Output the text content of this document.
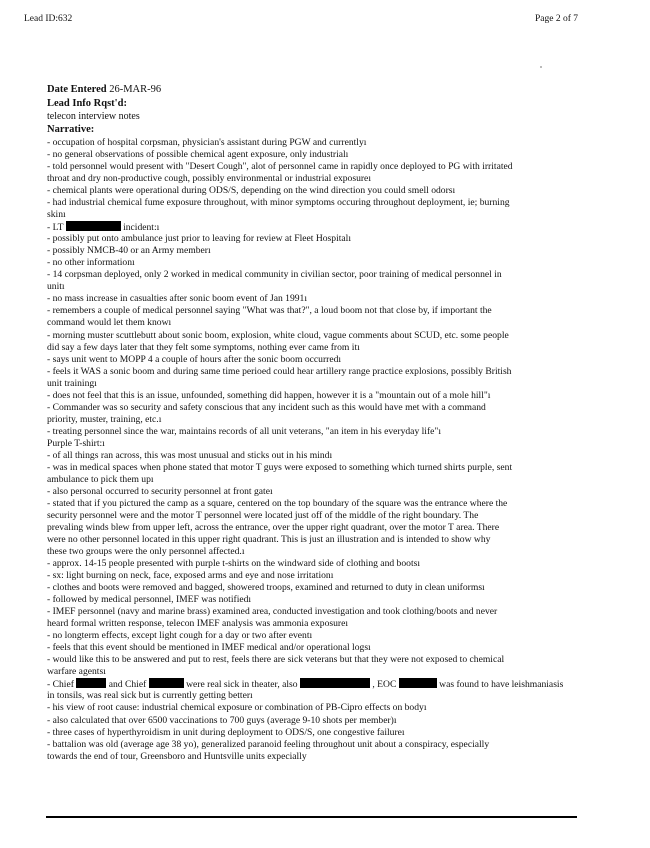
Lead ID:632	Page 2 of 7
Date Entered 26-MAR-96
Lead Info Rqst'd:
telecon interview notes
Narrative:
- occupation of hospital corpsman, physician's assistant during PGW and currentlyı
- no general observations of possible chemical agent exposure, only industrialı
- told personnel would present with "Desert Cough", alot of personnel came in rapidly once deployed to PG with irritated
throat and dry non-productive cough, possibly environmental or industrial exposureı
- chemical plants were operational during ODS/S, depending on the wind direction you could smell odorsı
- had industrial chemical fume exposure throughout, with minor symptoms occuring throughout deployment, ie; burning
skinı
- LT	incident:ı
- possibly put onto ambulance just prior to leaving for review at Fleet Hospitalı
- possibly NMCB-40 or an Army memberı
- no other informationı
- 14 corpsman deployed, only 2 worked in medical community in civilian sector, poor training of medical personnel in
unitı
- no mass increase in casualties after sonic boom event of Jan 1991ı
- remembers a couple of medical personnel saying "What was that?", a loud boom not that close by, if important the
command would let them knowı
- morning muster scuttlebutt about sonic boom, explosion, white cloud, vague comments about SCUD, etc. some people
did say a few days later that they felt some symptoms, nothing ever came from itı
- says unit went to MOPP 4 a couple of hours after the sonic boom occurredı
- feels it WAS a sonic boom and during same time perioed could hear artillery range practice explosions, possibly British
unit trainingı
- does not feel that this is an issue, unfounded, something did happen, however it is a "mountain out of a mole hill"ı
- Commander was so security and safety conscious that any incident such as this would have met with a command
priority, muster, training, etc.ı
- treating personnel since the war, maintains records of all unit veterans, "an item in his everyday life"ı
Purple T-shirt:ı
- of all things ran across, this was most unusual and sticks out in his mindı
- was in medical spaces when phone stated that motor T guys were exposed to something which turned shirts purple, sent
ambulance to pick them upı
- also personal occurred to security personnel at front gateı
- stated that if you pictured the camp as a square, centered on the top boundary of the square was the entrance where the
security personnel were and the motor T personnel were located just off of the middle of the right boundary. The
prevaling winds blew from upper left, across the entrance, over the upper right quadrant, over the motor T area. There
were no other personnel located in this upper right quadrant. This is just an illustration and is intended to show why
these two groups were the only personnel affected.ı
- approx. 14-15 people presented with purple t-shirts on the windward side of clothing and bootsı
- sx: light burning on neck, face, exposed arms and eye and nose irritationı
- clothes and boots were removed and bagged, showered troops, examined and returned to duty in clean uniformsı
- followed by medical personnel, IMEF was notifiedı
- IMEF personnel (navy and marine brass) examined area, conducted investigation and took clothing/boots and never
heard formal written response, telecon IMEF analysis was ammonia exposureı
- no longterm effects, except light cough for a day or two after eventı
- feels that this event should be mentioned in IMEF medical and/or operational logsı
- would like this to be answered and put to rest, feels there are sick veterans but that they were not exposed to chemical
warfare agentsı
- Chief	and Chief	were real sick in theater, also	, EOC	was found to have leishmaniasis
in tonsils, was real sick but is currently getting betterı
- his view of root cause: industrial chemical exposure or combination of PB-Cipro effects on bodyı
- also calculated that over 6500 vaccinations to 700 guys (average 9-10 shots per member)ı
- three cases of hyperthyroidism in unit during deployment to ODS/S, one congestive failureı
- battalion was old (average age 38 yo), generalized paranoid feeling throughout unit about a conspiracy, especially
towards the end of tour, Greensboro and Huntsville units expecially
